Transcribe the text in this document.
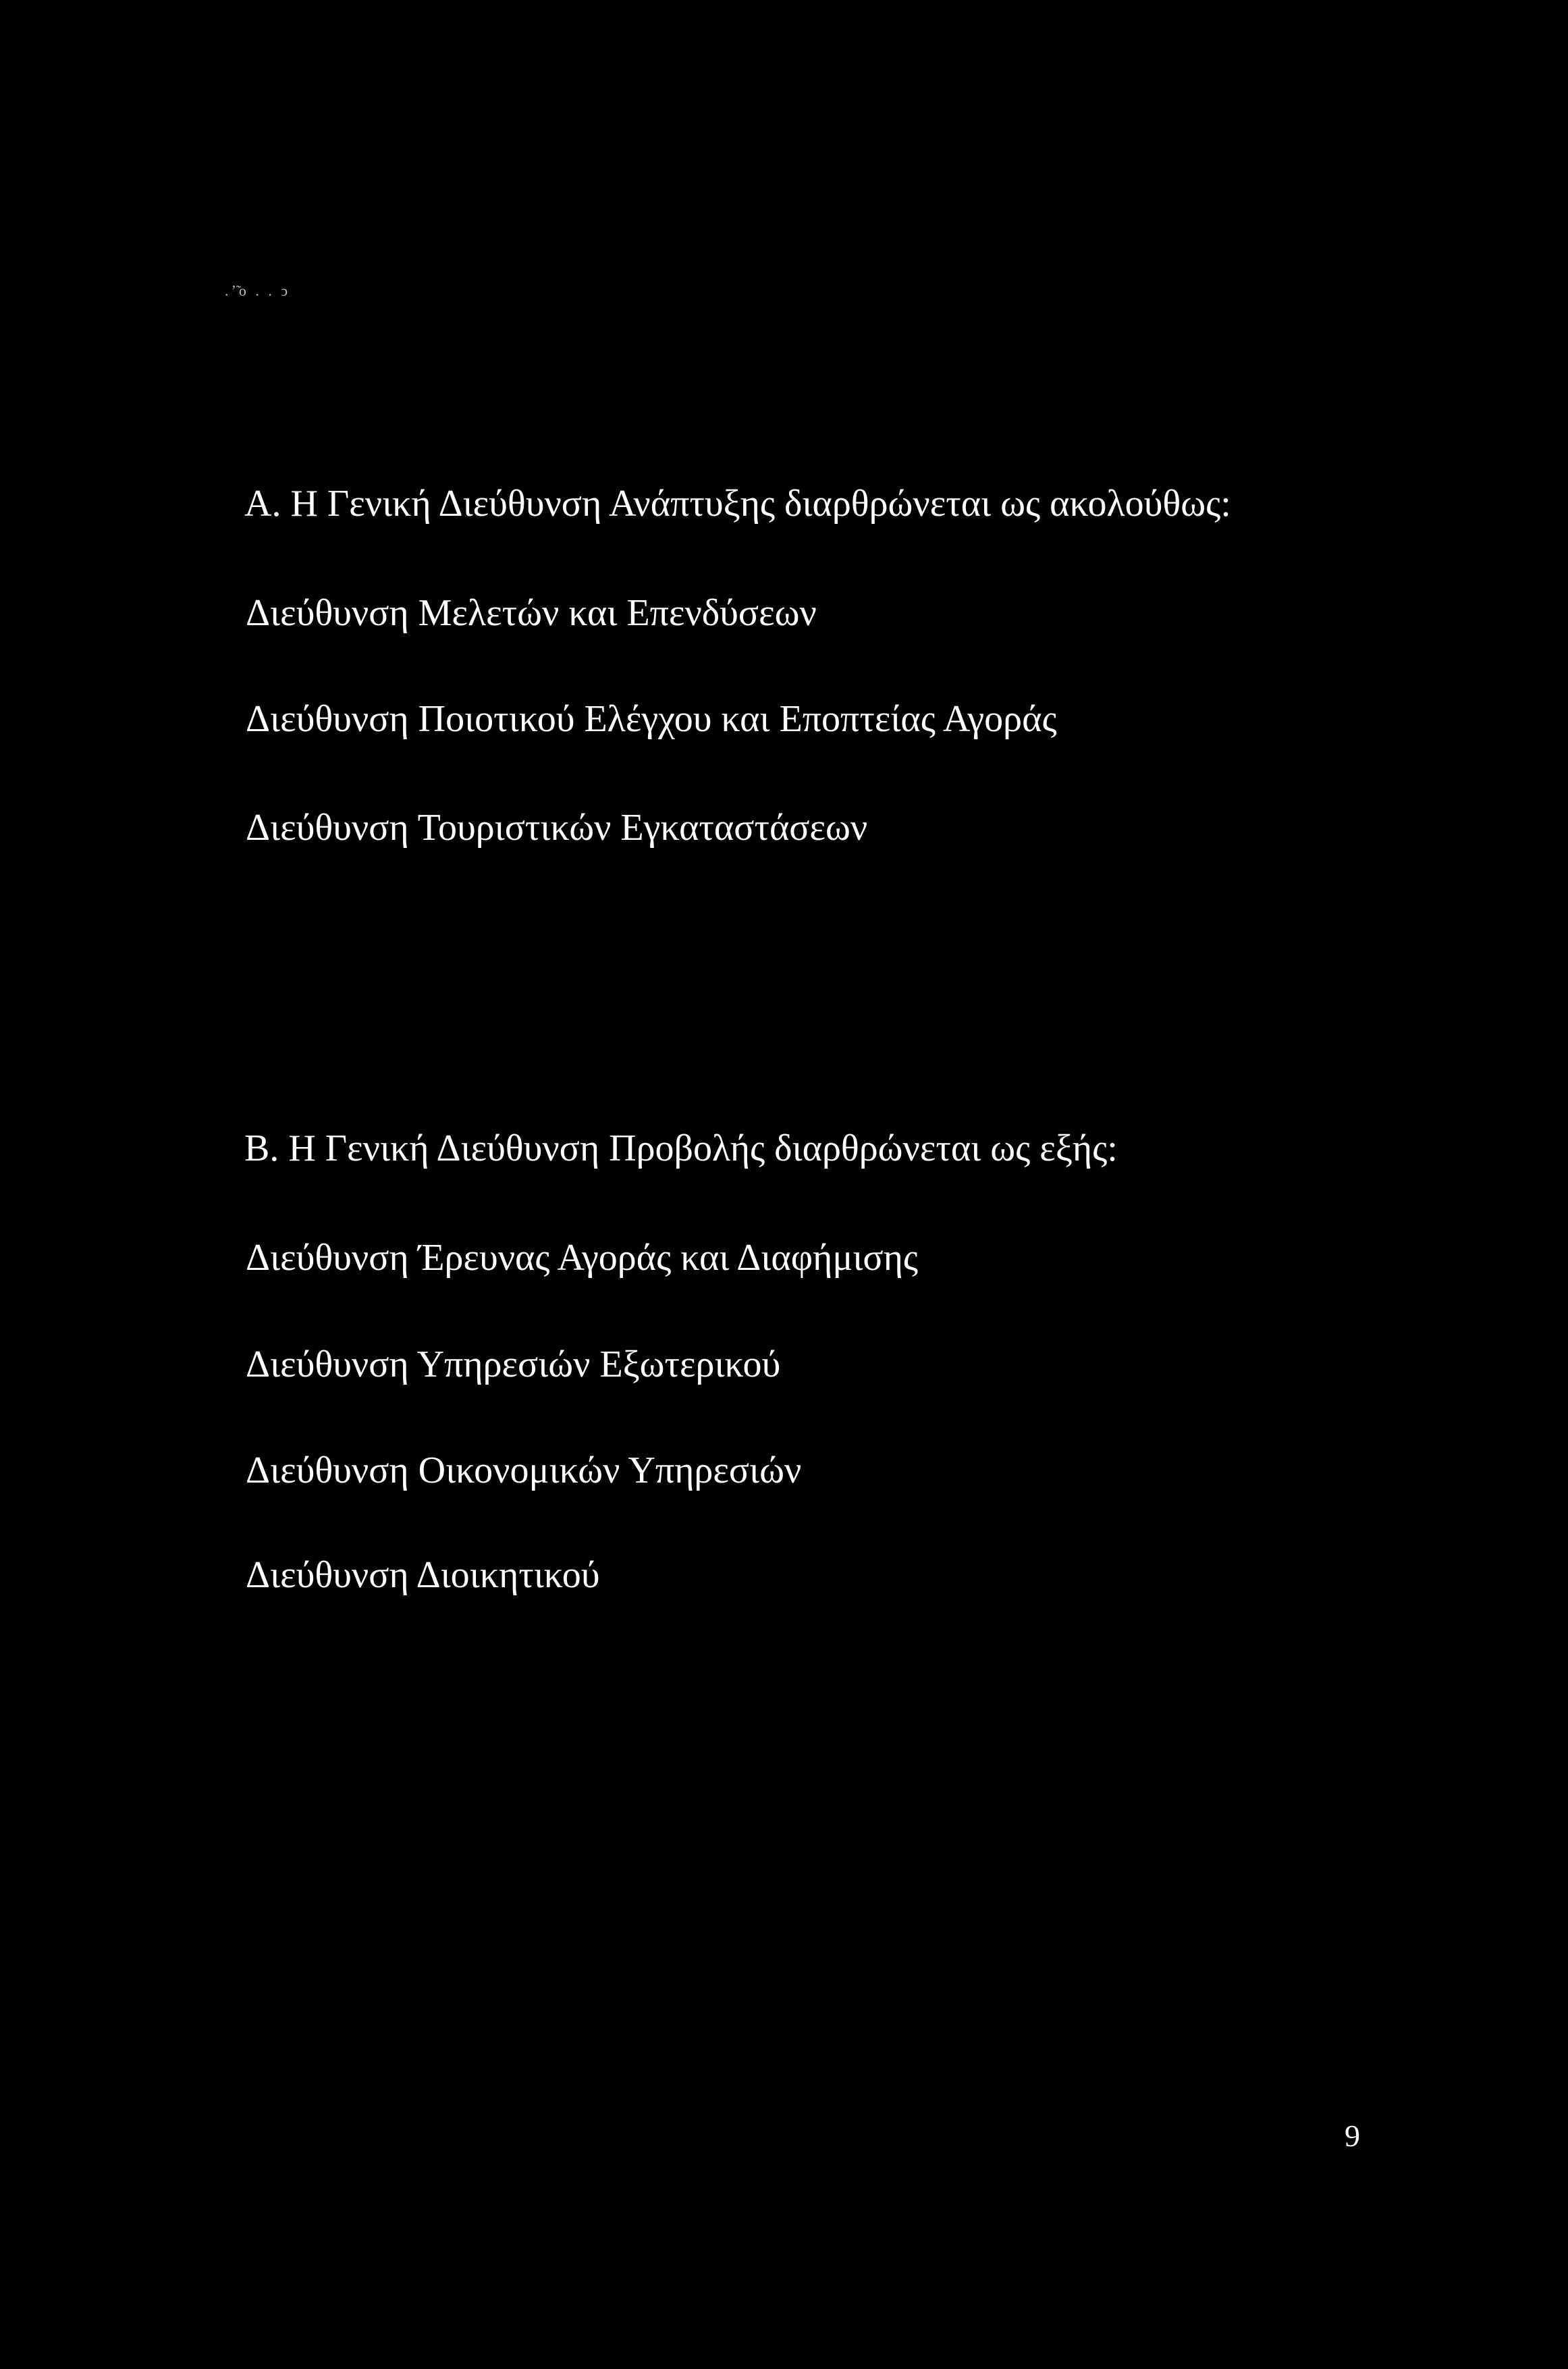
.ʼ̃ο . . ͻ
Α. Η Γενική Διεύθυνση Ανάπτυξης διαρθρώνεται ως ακολούθως:
Διεύθυνση Μελετών και Επενδύσεων
Διεύθυνση Ποιοτικού Ελέγχου και Εποπτείας Αγοράς
Διεύθυνση Τουριστικών Εγκαταστάσεων
Β. Η Γενική Διεύθυνση Προβολής διαρθρώνεται ως εξής:
Διεύθυνση Έρευνας Αγοράς και Διαφήμισης
Διεύθυνση Υπηρεσιών Εξωτερικού
Διεύθυνση Οικονομικών Υπηρεσιών
Διεύθυνση Διοικητικού
9
